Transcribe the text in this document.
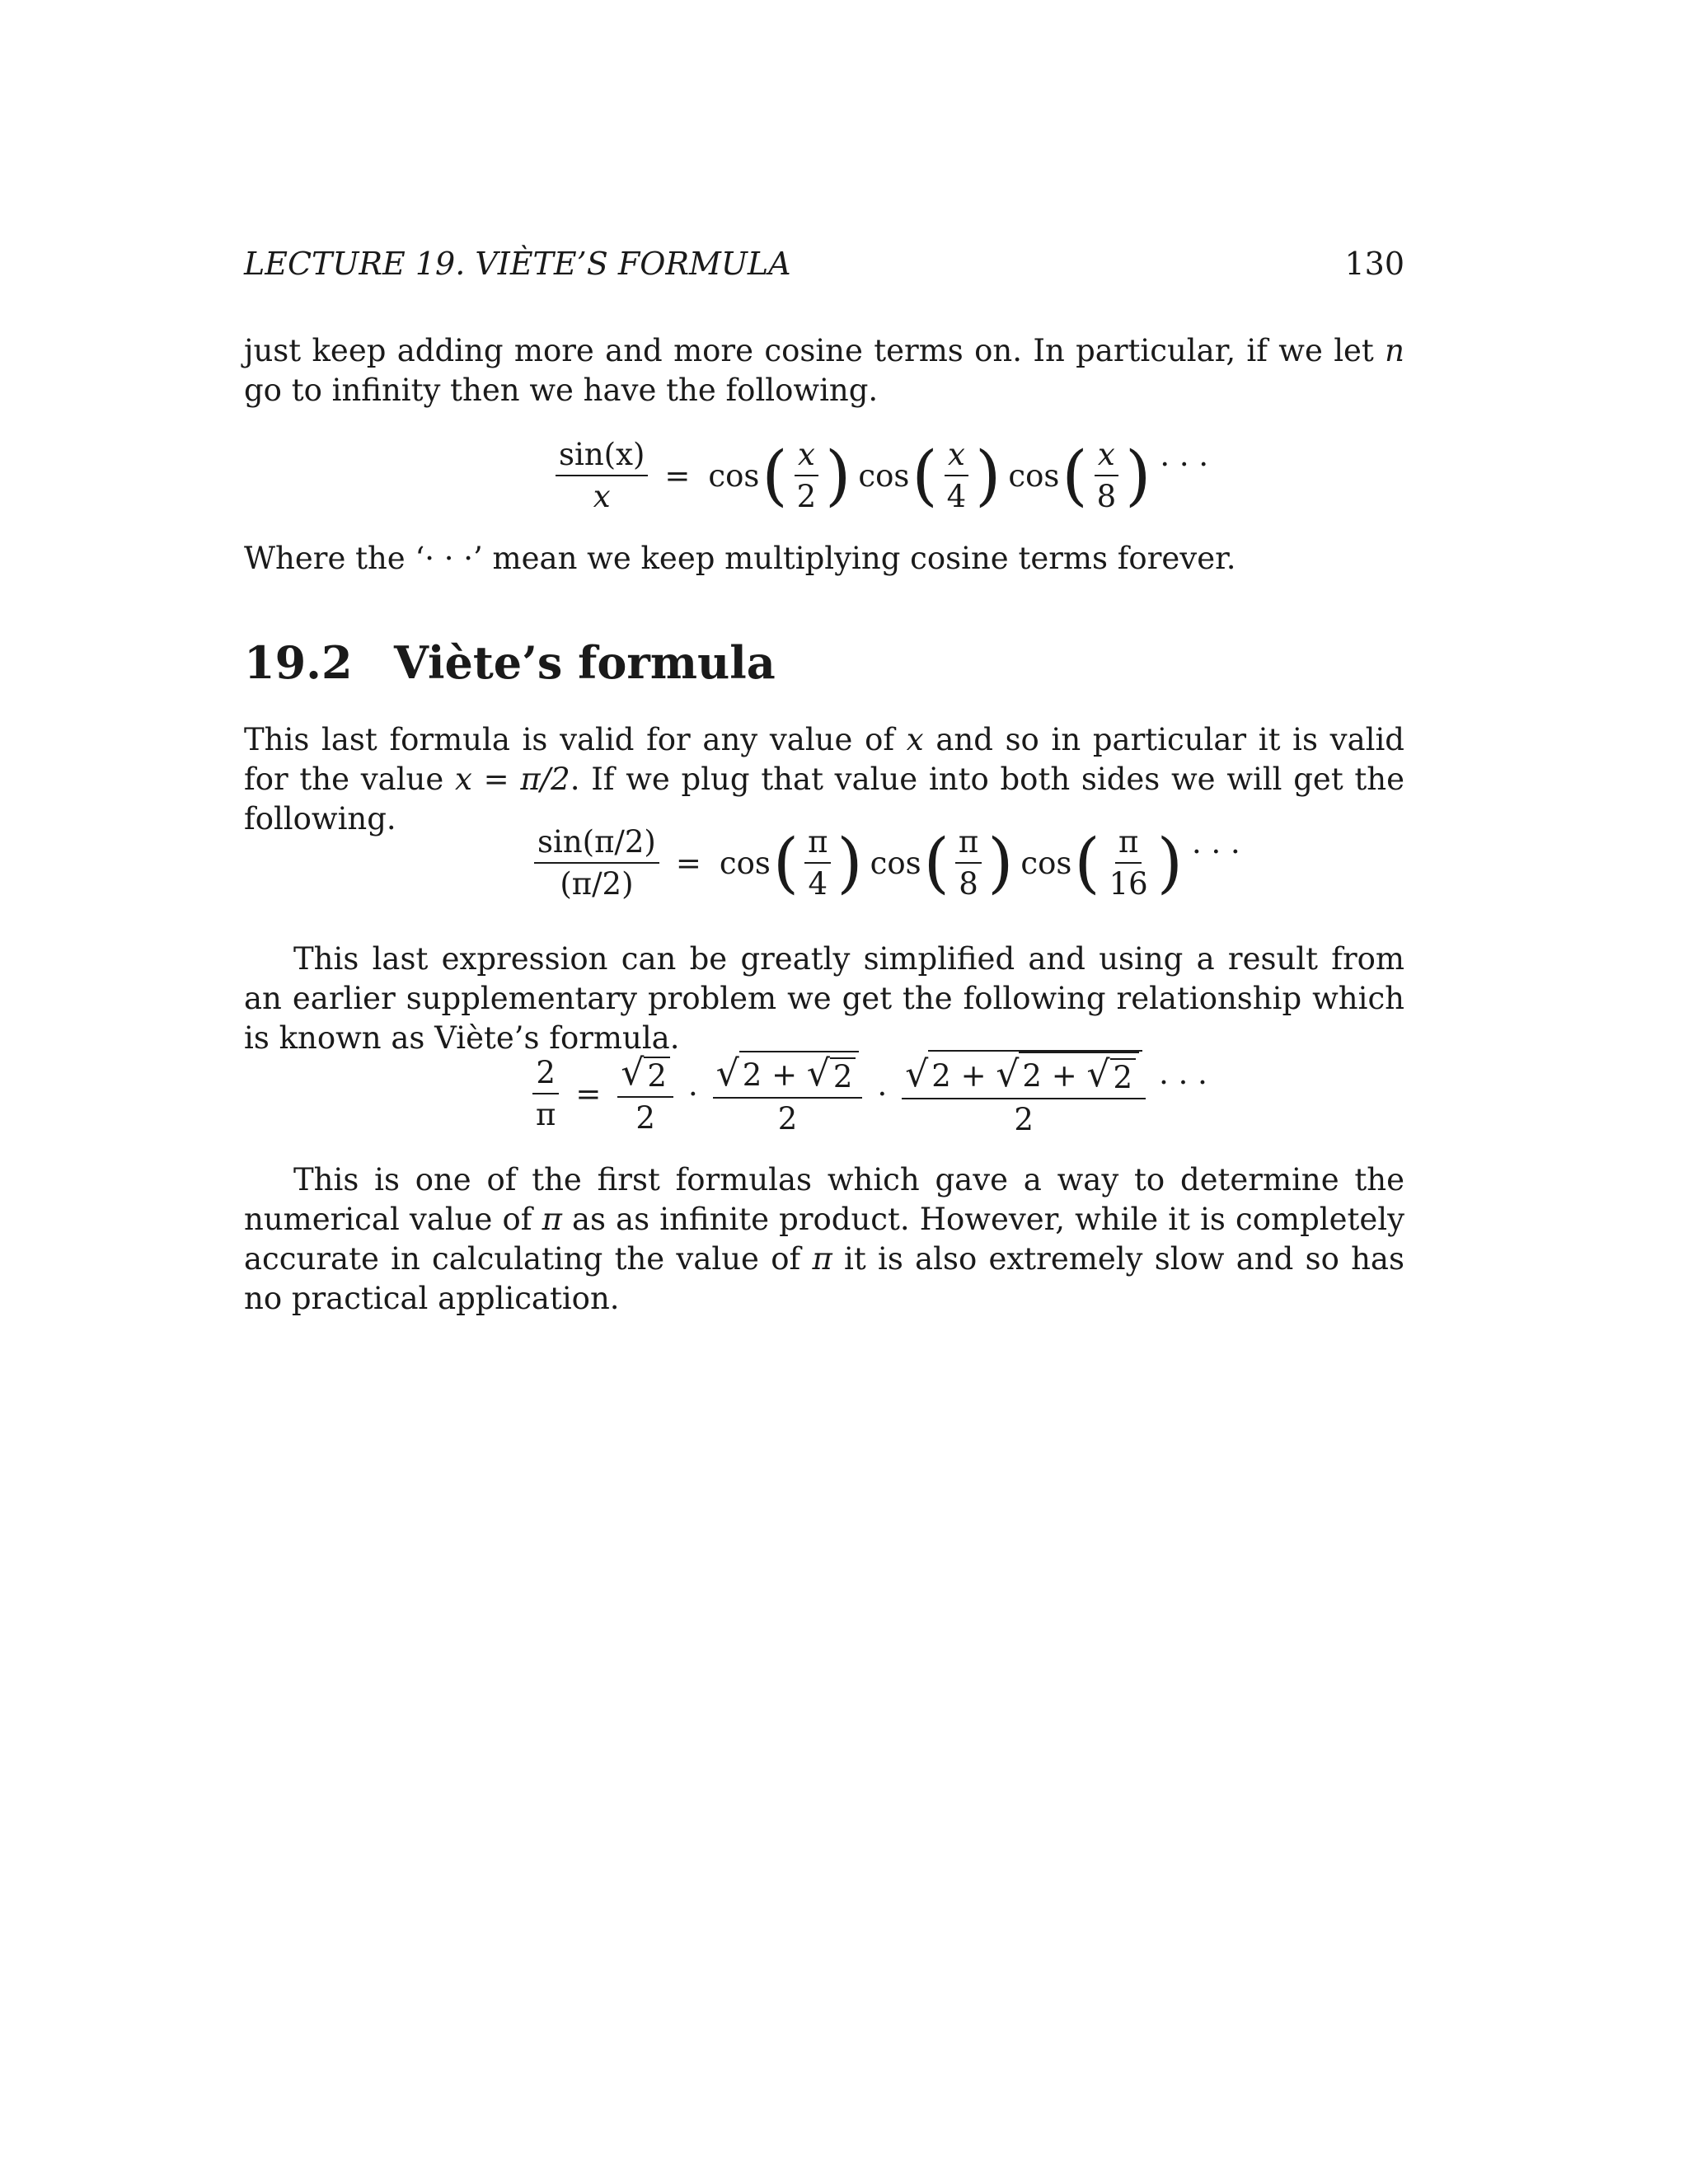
LECTURE 19. VIÈTE’S FORMULA	130

just keep adding more and more cosine terms on. In particular, if we let n go to infinity then we have the following.

$\frac{\sin(x)}{x} = \cos$ ( $\frac{x}{2}$ ) cos ( $\frac{x}{4}$ ) cos ( $\frac{x}{8}$ ) · · ·

Where the ‘· · ·’ mean we keep multiplying cosine terms forever.

19.2 Viète’s formula

This last formula is valid for any value of x and so in particular it is valid for the value x = π/2. If we plug that value into both sides we will get the following.

$\frac{\sin(\pi/2)}{(\pi/2)} = \cos$ ( $\frac{\pi}{4}$ ) cos ( $\frac{\pi}{8}$ ) cos ( $\frac{\pi}{16}$ ) · · ·

This last expression can be greatly simplified and using a result from an earlier supplementary problem we get the following relationship which is known as Viète’s formula.

$\frac{2}{\pi} = \frac{√ 2}{2} \cdot \frac{√ 2 + √ 2}{2} \cdot \frac{√ 2 + √ 2 + √ 2}{2}$ · · ·

This is one of the first formulas which gave a way to determine the numerical value of π as as infinite product. However, while it is completely accurate in calculating the value of π it is also extremely slow and so has no practical application.
